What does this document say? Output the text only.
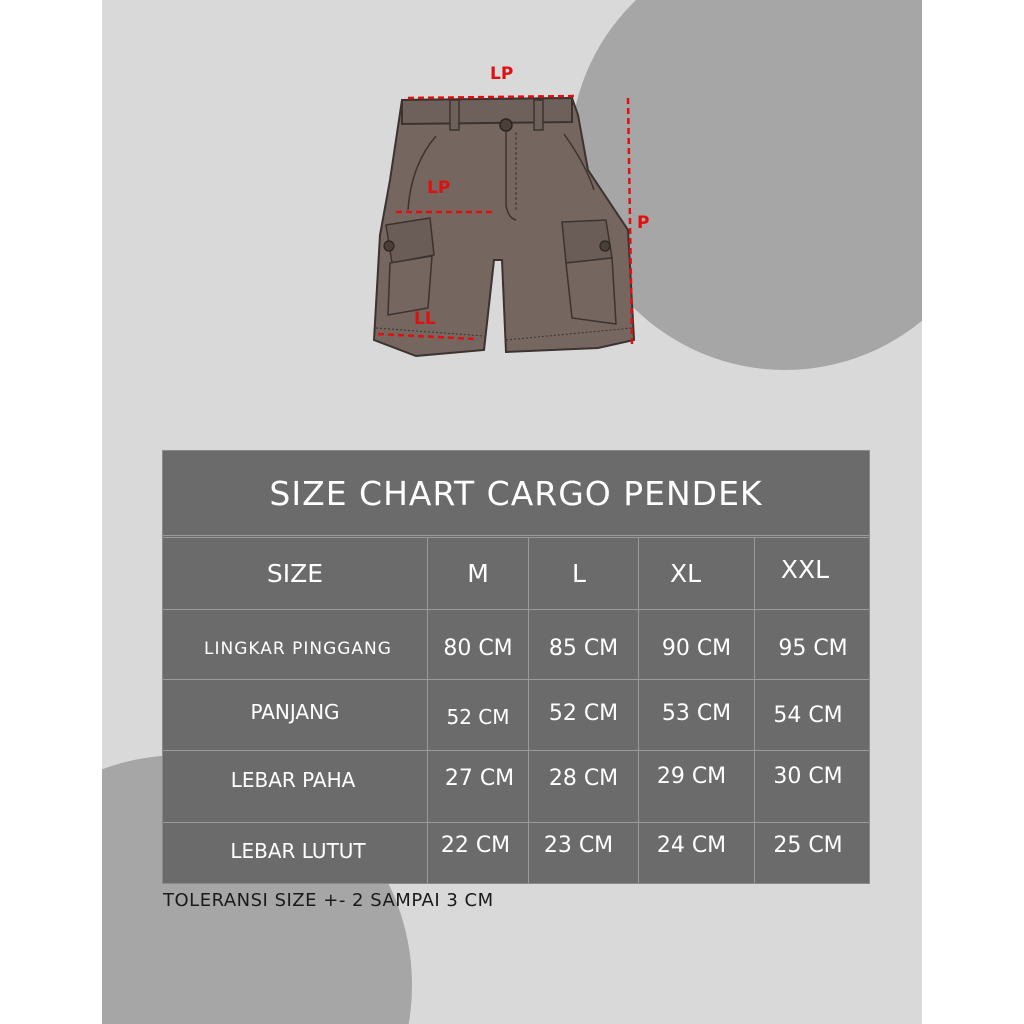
LP
LP
P
LL
SIZE CHART CARGO PENDEK
SIZE	M	L	XL	XXL
LINGKAR PINGGANG	80 CM	85 CM	90 CM	95 CM
PANJANG	52 CM	52 CM	53 CM	54 CM
LEBAR PAHA	27 CM	28 CM	29 CM	30 CM
LEBAR LUTUT	22 CM	23 CM	24 CM	25 CM
TOLERANSI SIZE +- 2 SAMPAI 3 CM
